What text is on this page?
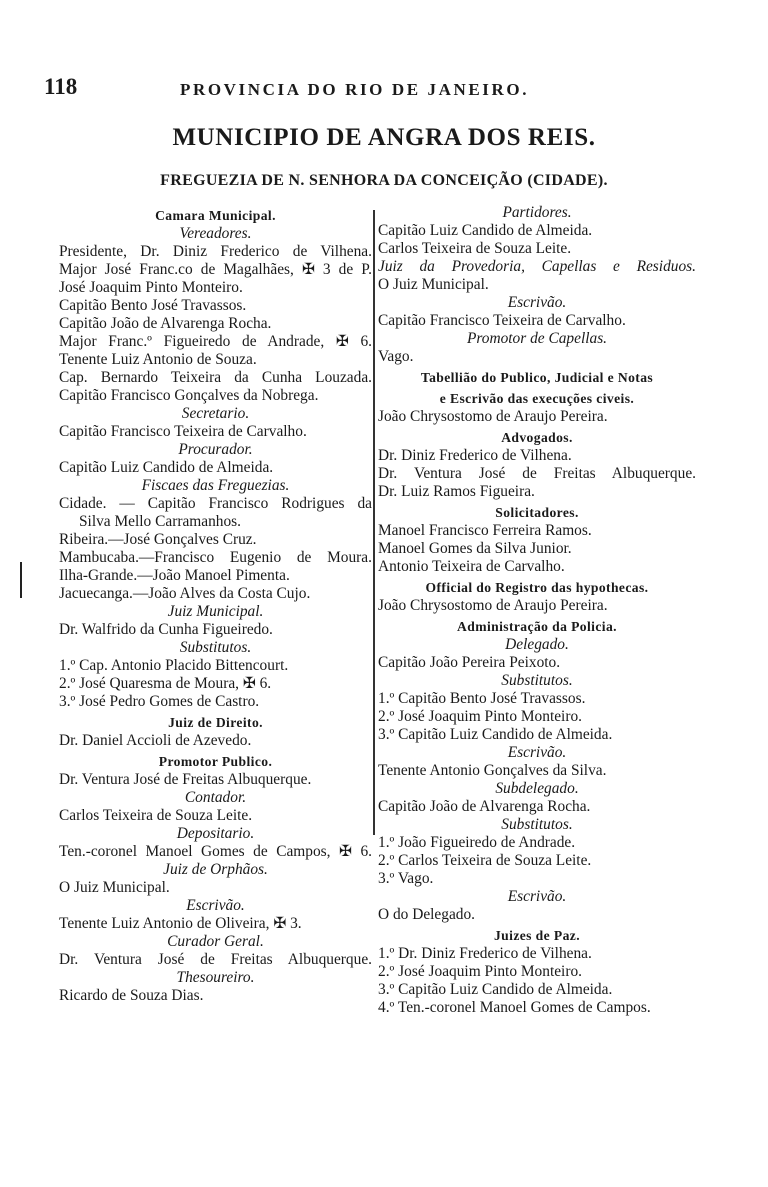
118	PROVINCIA DO RIO DE JANEIRO.
MUNICIPIO DE ANGRA DOS REIS.
FREGUEZIA DE N. SENHORA DA CONCEIÇÃO (CIDADE).
Camara Municipal.
Vereadores.
Presidente, Dr. Diniz Frederico de Vilhena.
Major José Franc.co de Magalhães, ✠ 3 de P.
José Joaquim Pinto Monteiro.
Capitão Bento José Travassos.
Capitão João de Alvarenga Rocha.
Major Franc.º Figueiredo de Andrade, ✠ 6.
Tenente Luiz Antonio de Souza.
Cap. Bernardo Teixeira da Cunha Louzada.
Capitão Francisco Gonçalves da Nobrega.
Secretario.
Capitão Francisco Teixeira de Carvalho.
Procurador.
Capitão Luiz Candido de Almeida.
Fiscaes das Freguezias.
Cidade. — Capitão Francisco Rodrigues da
Silva Mello Carramanhos.
Ribeira.—José Gonçalves Cruz.
Mambucaba.—Francisco Eugenio de Moura.
Ilha-Grande.—João Manoel Pimenta.
Jacuecanga.—João Alves da Costa Cujo.
Juiz Municipal.
Dr. Walfrido da Cunha Figueiredo.
Substitutos.
1.º Cap. Antonio Placido Bittencourt.
2.º José Quaresma de Moura, ✠ 6.
3.º José Pedro Gomes de Castro.
Juiz de Direito.
Dr. Daniel Accioli de Azevedo.
Promotor Publico.
Dr. Ventura José de Freitas Albuquerque.
Contador.
Carlos Teixeira de Souza Leite.
Depositario.
Ten.-coronel Manoel Gomes de Campos, ✠ 6.
Juiz de Orphãos.
O Juiz Municipal.
Escrivão.
Tenente Luiz Antonio de Oliveira, ✠ 3.
Curador Geral.
Dr. Ventura José de Freitas Albuquerque.
Thesoureiro.
Ricardo de Souza Dias.
Partidores.
Capitão Luiz Candido de Almeida.
Carlos Teixeira de Souza Leite.
Juiz da Provedoria, Capellas e Residuos.
O Juiz Municipal.
Escrivão.
Capitão Francisco Teixeira de Carvalho.
Promotor de Capellas.
Vago.
Tabellião do Publico, Judicial e Notas
e Escrivão das execuções civeis.
João Chrysostomo de Araujo Pereira.
Advogados.
Dr. Diniz Frederico de Vilhena.
Dr. Ventura José de Freitas Albuquerque.
Dr. Luiz Ramos Figueira.
Solicitadores.
Manoel Francisco Ferreira Ramos.
Manoel Gomes da Silva Junior.
Antonio Teixeira de Carvalho.
Official do Registro das hypothecas.
João Chrysostomo de Araujo Pereira.
Administração da Policia.
Delegado.
Capitão João Pereira Peixoto.
Substitutos.
1.º Capitão Bento José Travassos.
2.º José Joaquim Pinto Monteiro.
3.º Capitão Luiz Candido de Almeida.
Escrivão.
Tenente Antonio Gonçalves da Silva.
Subdelegado.
Capitão João de Alvarenga Rocha.
Substitutos.
1.º João Figueiredo de Andrade.
2.º Carlos Teixeira de Souza Leite.
3.º Vago.
Escrivão.
O do Delegado.
Juizes de Paz.
1.º Dr. Diniz Frederico de Vilhena.
2.º José Joaquim Pinto Monteiro.
3.º Capitão Luiz Candido de Almeida.
4.º Ten.-coronel Manoel Gomes de Campos.
